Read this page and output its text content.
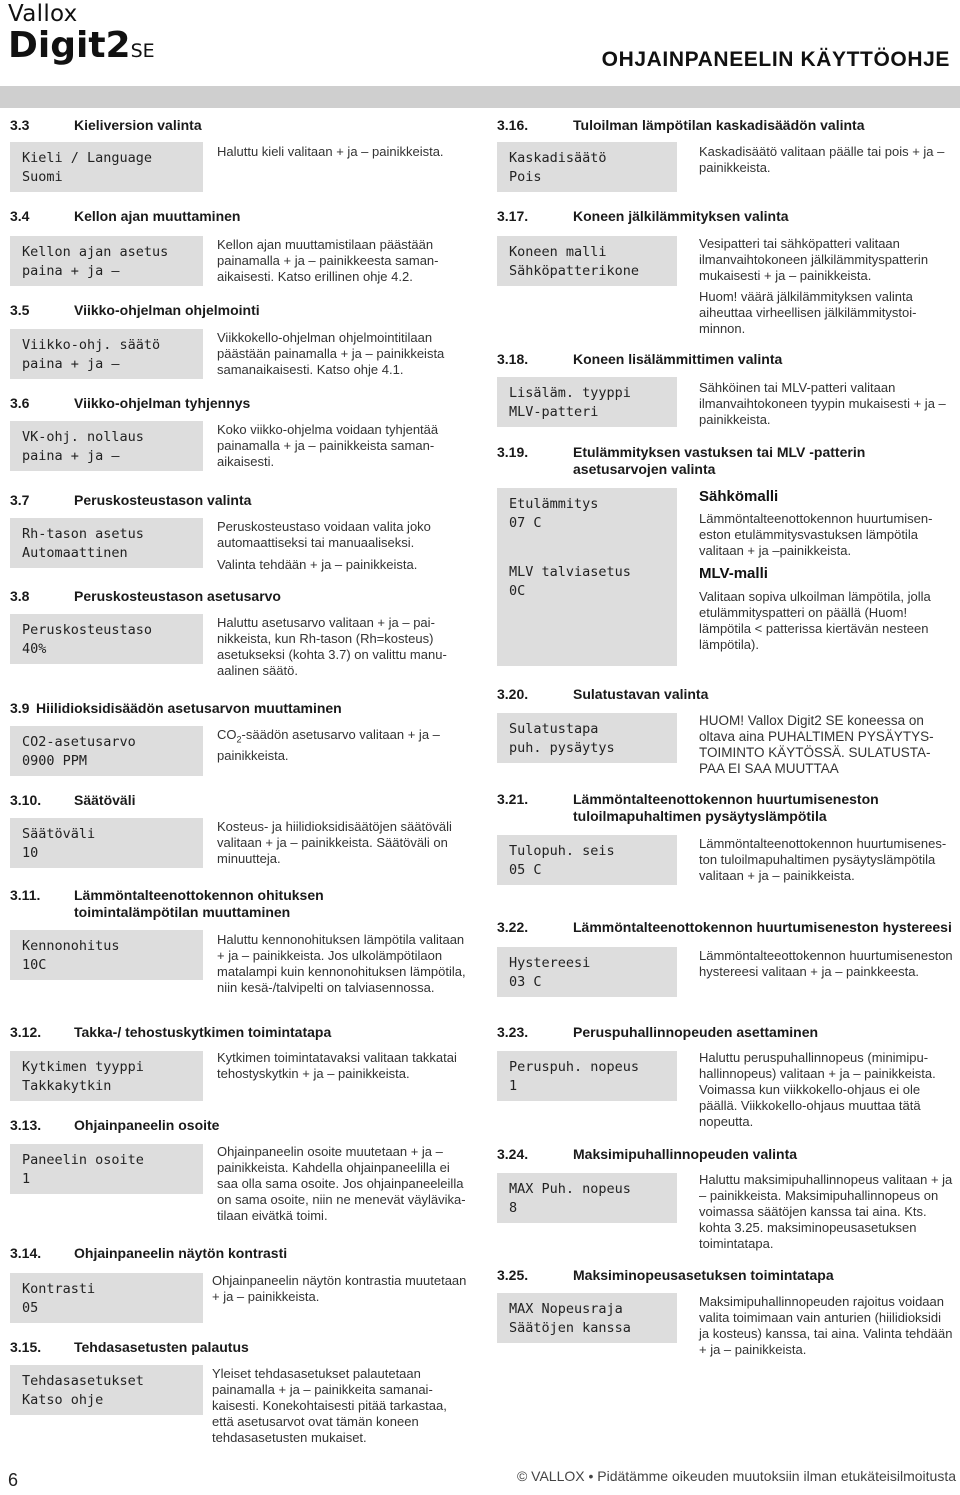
Vallox
Digit2SE	OHJAINPANEELIN KÄYTTÖOHJE
3.3	Kieliversion valinta
Kieli / Language
Suomi
Haluttu kieli valitaan + ja – painikkeista.
3.4	Kellon ajan muuttaminen
Kellon ajan asetus
paina + ja –
Kellon ajan muuttamistilaan päästään painamalla + ja – painikkeesta samanaikaisesti. Katso erillinen ohje 4.2.
3.5	Viikko-ohjelman ohjelmointi
Viikko-ohj. säätö
paina + ja –
Viikkokello-ohjelman ohjelmointitilaan päästään painamalla + ja – painikkeista samanaikaisesti. Katso ohje 4.1.
3.6	Viikko-ohjelman tyhjennys
VK-ohj. nollaus
paina + ja –
Koko viikko-ohjelma voidaan tyhjentää painamalla + ja – painikkeista samanaikaisesti.
3.7	Peruskosteustason valinta
Rh-tason asetus
Automaattinen

Peruskosteustaso voidaan valita joko automaattiseksi tai manuaaliseksi.

Valinta tehdään + ja – painikkeista.

3.8	Peruskosteustason asetusarvo
Peruskosteustaso
40%
Haluttu asetusarvo valitaan + ja – painikkeista, kun Rh-tason (Rh=kosteus) asetukseksi (kohta 3.7) on valittu manuaalinen säätö.
3.9 Hiilidioksidisäädön asetusarvon muuttaminen
CO2-asetusarvo
0900 PPM
$CO_2$-säädön asetusarvo valitaan + ja – painikkeista.
3.10. Säätöväli
Säätöväli
10
Kosteus- ja hiilidioksidisäätöjen säätöväli valitaan + ja – painikkeista. Säätöväli on minuutteja.
3.11. Lämmöntalteenottokennon ohituksen
toimintalämpötilan muuttaminen
Kennonohitus
10C
Haluttu kennonohituksen lämpötila valitaan + ja – painikkeista. Jos ulkolämpötilaon matalampi kuin kennonohituksen lämpötila, niin kesä-/talvipelti on talviasennossa.
3.12. Takka-/ tehostuskytkimen toimintatapa
Kytkimen tyyppi
Takkakytkin
Kytkimen toimintatavaksi valitaan takkatai tehostyskytkin + ja – painikkeista.
3.13. Ohjainpaneelin osoite
Paneelin osoite
1
Ohjainpaneelin osoite muutetaan + ja – painikkeista. Kahdella ohjainpaneelilla ei saa olla sama osoite. Jos ohjainpaneeleilla on sama osoite, niin ne menevät väylävika-tilaan eivätkä toimi.
3.14. Ohjainpaneelin näytön kontrasti
Kontrasti
05
Ohjainpaneelin näytön kontrastia muutetaan + ja – painikkeista.
3.15. Tehdasasetusten palautus
Tehdasasetukset
Katso ohje
Yleiset tehdasasetukset palautetaan painamalla + ja – painikkeita samanaikaisesti. Konekohtaisesti pitää tarkastaa, että asetusarvot ovat tämän koneen tehdasasetusten mukaiset.
3.16.	Tuloilman lämpötilan kaskadisäädön valinta
Kaskadisäätö
Pois
Kaskadisäätö valitaan päälle tai pois + ja – painikkeista.
3.17.	Koneen jälkilämmityksen valinta
Koneen malli
Sähköpatterikone

Vesipatteri tai sähköpatteri valitaan ilmanvaihtokoneen jälkilämmityspatterin mukaisesti + ja – painikkeista.

Huom! väärä jälkilämmityksen valinta aiheuttaa virheellisen jälkilämmitystoiminnon.

3.18.	Koneen lisälämmittimen valinta
Lisäläm. tyyppi
MLV-patteri
Sähköinen tai MLV-patteri valitaan ilmanvaihtokoneen tyypin mukaisesti + ja – painikkeista.
3.19.	Etulämmityksen vastuksen tai MLV -patterin
asetusarvojen valinta
Etulämmitys
07 C
MLV talviasetus
0C
Sähkömalli
Lämmöntalteenottokennon huurtumiseneston etulämmitysvastuksen lämpötila valitaan + ja –painikkeista.
MLV-malli
Valitaan sopiva ulkoilman lämpötila, jolla etulämmityspatteri on päällä (Huom! lämpötila < patterissa kiertävän nesteen lämpötila).
3.20.	Sulatustavan valinta
Sulatustapa
puh. pysäytys
HUOM! Vallox Digit2 SE koneessa on oltava aina PUHALTIMEN PYSÄYTYSTOIMINTO KÄYTÖSSÄ. SULATUSTAPAA EI SAA MUUTTAA
3.21.	Lämmöntalteenottokennon huurtumiseneston
tuloilmapuhaltimen pysäytyslämpötila
Tulopuh. seis
05 C
Lämmöntalteenottokennon huurtumiseneston tuloilmapuhaltimen pysäytyslämpötila valitaan + ja – painikkeista.
3.22.	Lämmöntalteenottokennon huurtumiseneston hystereesi
Hystereesi
03 C
Lämmöntalteeottokennon huurtumiseneston hystereesi valitaan + ja – painkkeesta.
3.23.	Peruspuhallinnopeuden asettaminen
Peruspuh. nopeus
1
Haluttu peruspuhallinnopeus (minimipuhallinnopeus) valitaan + ja – painikkeista. Voimassa kun viikkokello-ohjaus ei ole päällä. Viikkokello-ohjaus muuttaa tätä nopeutta.
3.24.	Maksimipuhallinnopeuden valinta
MAX Puh. nopeus
8
Haluttu maksimipuhallinnopeus valitaan + ja – painikkeista. Maksimipuhallinnopeus on voimassa säätöjen kanssa tai aina. Kts. kohta 3.25. maksiminopeusasetuksen toimintatapa.
3.25.	Maksiminopeusasetuksen toimintatapa
MAX Nopeusraja
Säätöjen kanssa
Maksimipuhallinnopeuden rajoitus voidaan valita toimimaan vain anturien (hiilidioksidi ja kosteus) kanssa, tai aina. Valinta tehdään + ja – painikkeista.
6	© VALLOX • Pidätämme oikeuden muutoksiin ilman etukäteisilmoitusta
